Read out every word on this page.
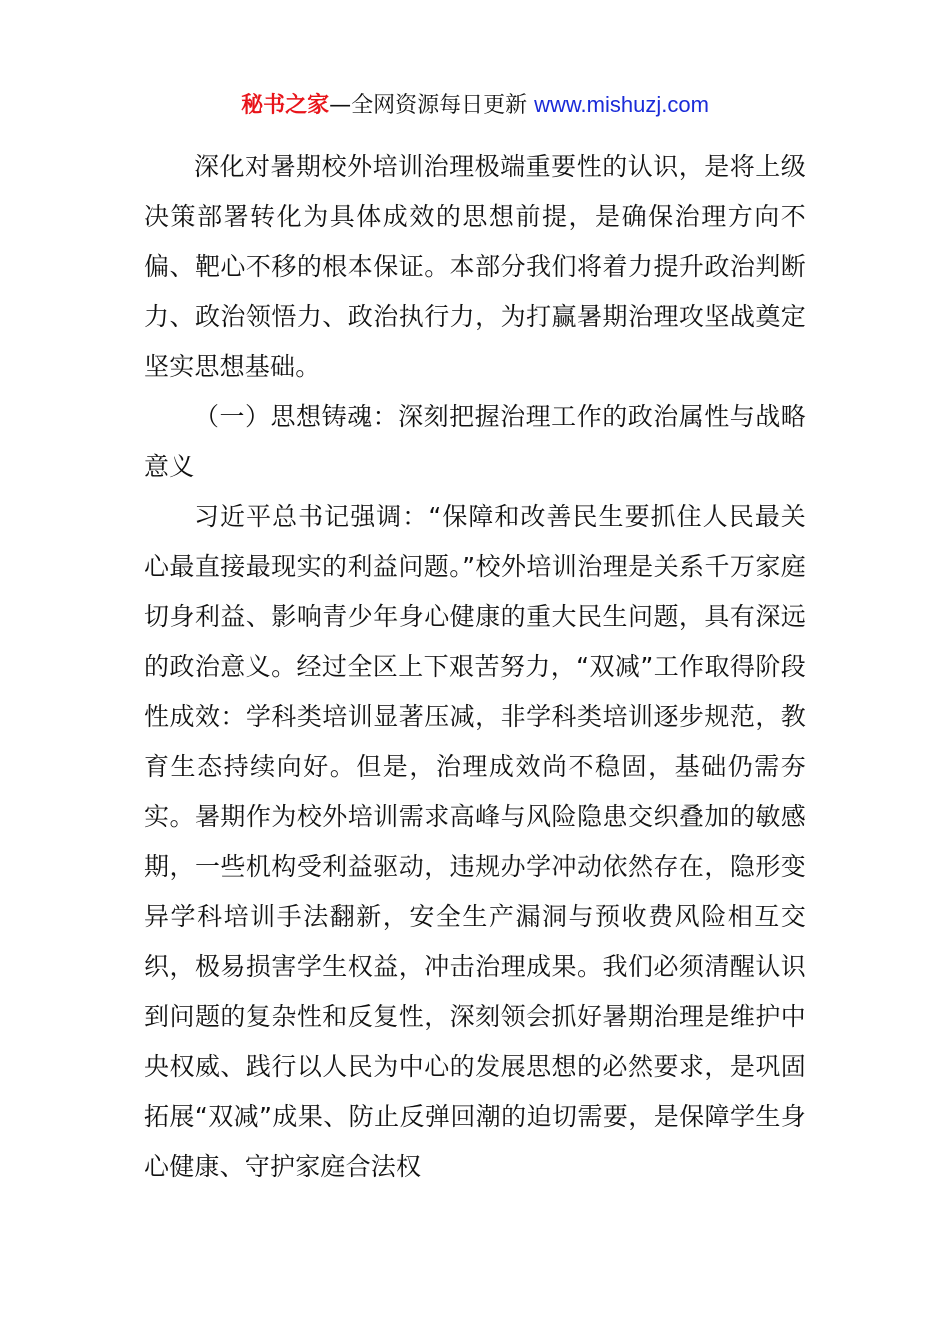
秘书之家—全网资源每日更新 www.mishuzj.com

深化对暑期校外培训治理极端重要性的认识，是将上级决策部署转化为具体成效的思想前提，是确保治理方向不偏、靶心不移的根本保证。本部分我们将着力提升政治判断力、政治领悟力、政治执行力，为打赢暑期治理攻坚战奠定坚实思想基础。

（一）思想铸魂：深刻把握治理工作的政治属性与战略意义

习近平总书记强调：“保障和改善民生要抓住人民最关心最直接最现实的利益问题。”校外培训治理是关系千万家庭切身利益、影响青少年身心健康的重大民生问题，具有深远的政治意义。经过全区上下艰苦努力，“双减”工作取得阶段性成效：学科类培训显著压减，非学科类培训逐步规范，教育生态持续向好。但是，治理成效尚不稳固，基础仍需夯实。暑期作为校外培训需求高峰与风险隐患交织叠加的敏感期，一些机构受利益驱动，违规办学冲动依然存在，隐形变异学科培训手法翻新，安全生产漏洞与预收费风险相互交织，极易损害学生权益，冲击治理成果。我们必须清醒认识到问题的复杂性和反复性，深刻领会抓好暑期治理是维护中央权威、践行以人民为中心的发展思想的必然要求，是巩固拓展“双减”成果、防止反弹回潮的迫切需要，是保障学生身心健康、守护家庭合法权
